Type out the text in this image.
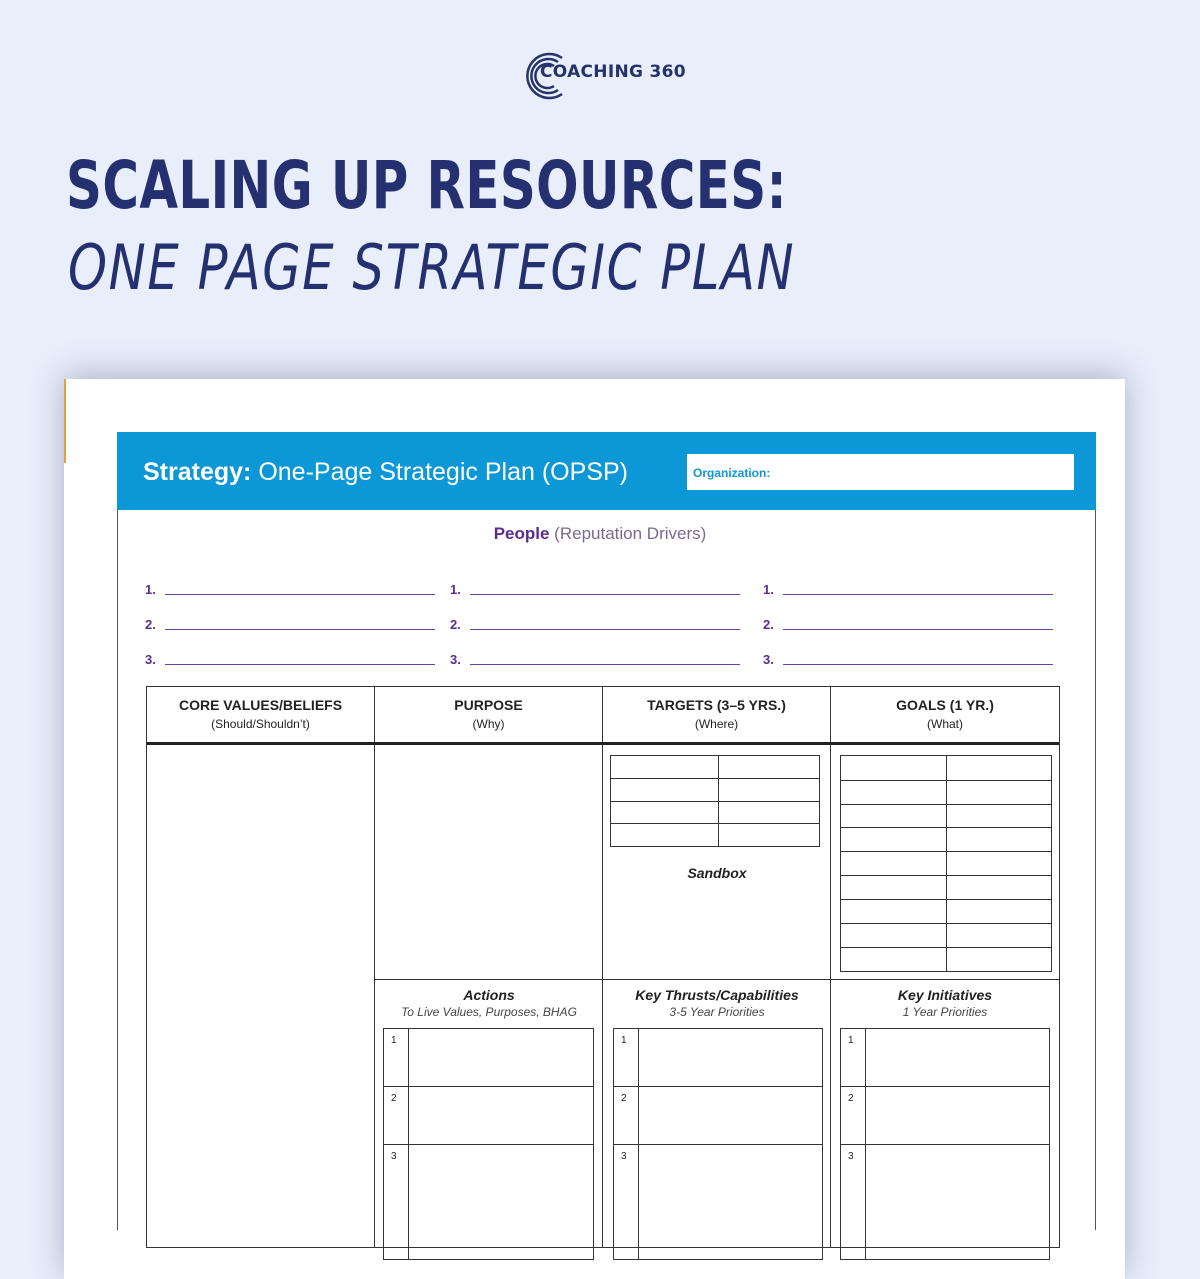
COACHING 360
SCALING UP RESOURCES:
ONE PAGE STRATEGIC PLAN
Strategy: One-Page Strategic Plan (OPSP)	Organization:
People (Reputation Drivers)
1.
2.
3.
1.
2.
3.
1.
2.
3.
CORE VALUES/BELIEFS
(Should/Shouldn’t)
PURPOSE
(Why)
TARGETS (3–5 YRS.)
(Where)
GOALS (1 YR.)
(What)
Sandbox
Actions
To Live Values, Purposes, BHAG
Key Thrusts/Capabilities
3-5 Year Priorities
Key Initiatives
1 Year Priorities
1
2
3
1
2
3
1
2
3
